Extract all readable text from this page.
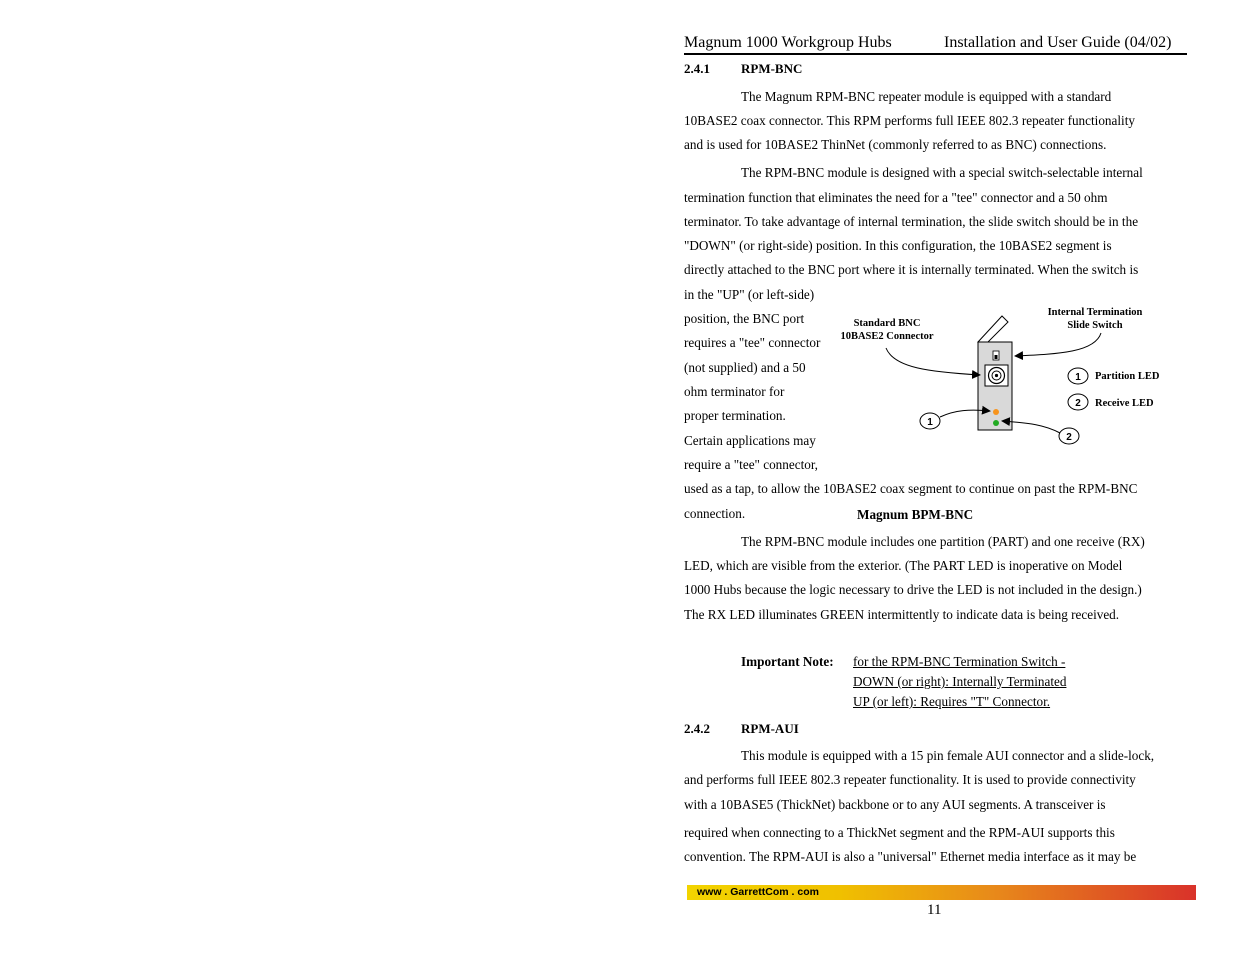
Magnum 1000 Workgroup Hubs	Installation and User Guide (04/02)
2.4.1 RPM-BNC
The Magnum RPM-BNC repeater module is equipped with a standard
10BASE2 coax connector. This RPM performs full IEEE 802.3 repeater functionality
and is used for 10BASE2 ThinNet (commonly referred to as BNC) connections.
The RPM-BNC module is designed with a special switch-selectable internal
termination function that eliminates the need for a "tee" connector and a 50 ohm
terminator. To take advantage of internal termination, the slide switch should be in the
"DOWN" (or right-side) position. In this configuration, the 10BASE2 segment is
directly attached to the BNC port where it is internally terminated. When the switch is
in the "UP" (or left-side)
position, the BNC port
requires a "tee" connector
(not supplied) and a 50
ohm terminator for
proper termination.
Certain applications may
require a "tee" connector,
used as a tap, to allow the 10BASE2 coax segment to continue on past the RPM-BNC
connection.
Standard BNC
10BASE2 Connector
Internal Termination
Slide Switch
1
2
1 Partition LED
2 Receive LED
Magnum BPM-BNC
The RPM-BNC module includes one partition (PART) and one receive (RX)
LED, which are visible from the exterior. (The PART LED is inoperative on Model
1000 Hubs because the logic necessary to drive the LED is not included in the design.)
The RX LED illuminates GREEN intermittently to indicate data is being received.
Important Note: for the RPM-BNC Termination Switch -
DOWN (or right): Internally Terminated
UP (or left): Requires "T" Connector.
2.4.2 RPM-AUI
This module is equipped with a 15 pin female AUI connector and a slide-lock,
and performs full IEEE 802.3 repeater functionality. It is used to provide connectivity
with a 10BASE5 (ThickNet) backbone or to any AUI segments. A transceiver is
required when connecting to a ThickNet segment and the RPM-AUI supports this
convention. The RPM-AUI is also a "universal" Ethernet media interface as it may be
www . GarrettCom . com
11
